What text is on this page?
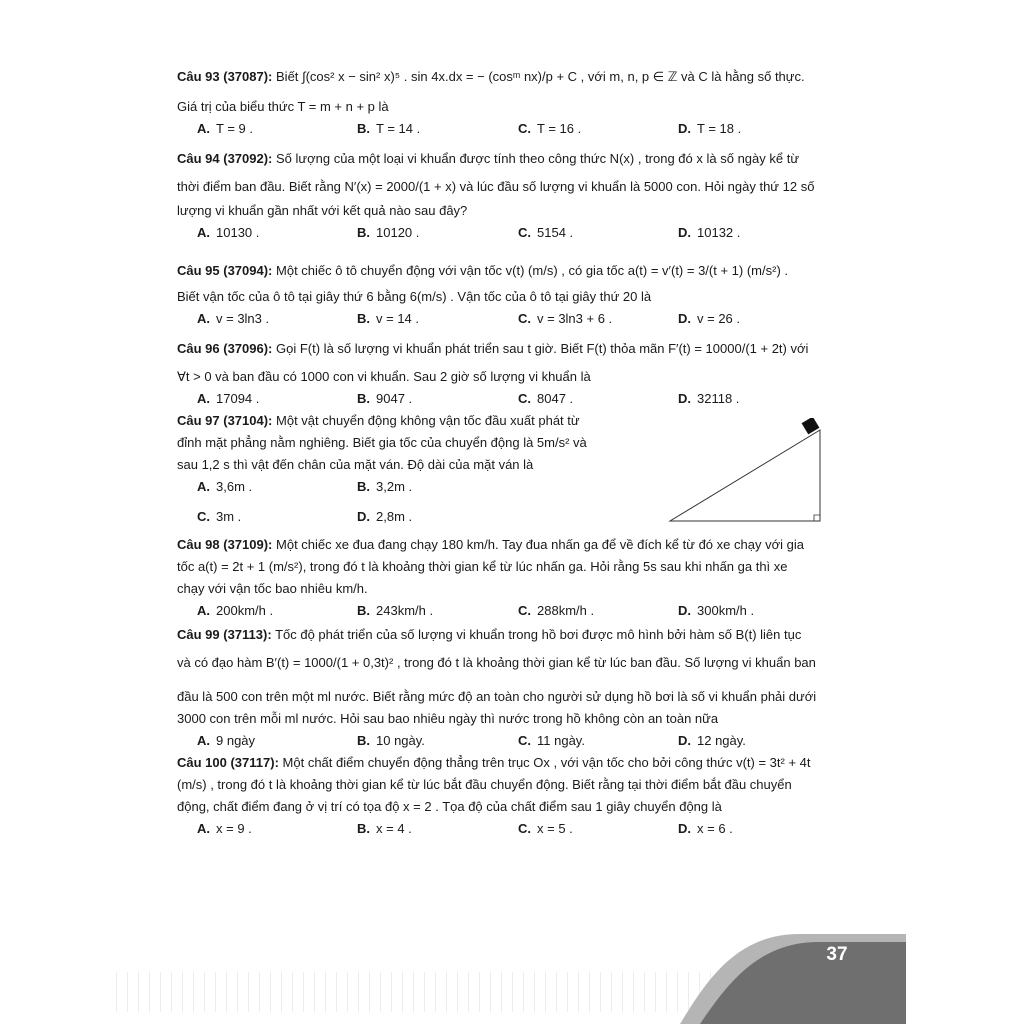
Câu 93 (37087): Biết ∫(cos² x − sin² x)⁵ . sin 4x.dx = − (cosᵐ nx)/p + C , với m, n, p ∈ ℤ và C là hằng số thực.
Giá trị của biểu thức T = m + n + p là
A. T = 9 .	B. T = 14 .	C. T = 16 .	D. T = 18 .
Câu 94 (37092): Số lượng của một loại vi khuẩn được tính theo công thức N(x) , trong đó x là số ngày kể từ
thời điểm ban đầu. Biết rằng N′(x) = 2000/(1 + x) và lúc đầu số lượng vi khuẩn là 5000 con. Hỏi ngày thứ 12 số
lượng vi khuẩn gần nhất với kết quả nào sau đây?
A. 10130 .	B. 10120 .	C. 5154 .	D. 10132 .
Câu 95 (37094): Một chiếc ô tô chuyển động với vận tốc v(t) (m/s) , có gia tốc a(t) = v′(t) = 3/(t + 1) (m/s²) .
Biết vận tốc của ô tô tại giây thứ 6 bằng 6(m/s) . Vận tốc của ô tô tại giây thứ 20 là
A. v = 3ln3 .	B. v = 14 .	C. v = 3ln3 + 6 .	D. v = 26 .
Câu 96 (37096): Gọi F(t) là số lượng vi khuẩn phát triển sau t giờ. Biết F(t) thỏa mãn F′(t) = 10000/(1 + 2t) với
∀t > 0 và ban đầu có 1000 con vi khuẩn. Sau 2 giờ số lượng vi khuẩn là
A. 17094 .	B. 9047 .	C. 8047 .	D. 32118 .
Câu 97 (37104): Một vật chuyển động không vận tốc đầu xuất phát từ
đỉnh mặt phẳng nằm nghiêng. Biết gia tốc của chuyển động là 5m/s² và
sau 1,2 s thì vật đến chân của mặt ván. Độ dài của mặt ván là
A. 3,6m .	B. 3,2m .
C. 3m .	D. 2,8m .
Câu 98 (37109): Một chiếc xe đua đang chạy 180 km/h. Tay đua nhấn ga để về đích kể từ đó xe chạy với gia
tốc a(t) = 2t + 1 (m/s²), trong đó t là khoảng thời gian kể từ lúc nhấn ga. Hỏi rằng 5s sau khi nhấn ga thì xe
chạy với vận tốc bao nhiêu km/h.
A. 200km/h .	B. 243km/h .	C. 288km/h .	D. 300km/h .
Câu 99 (37113): Tốc độ phát triển của số lượng vi khuẩn trong hồ bơi được mô hình bởi hàm số B(t) liên tục
và có đạo hàm B′(t) = 1000/(1 + 0,3t)² , trong đó t là khoảng thời gian kể từ lúc ban đầu. Số lượng vi khuẩn ban
đầu là 500 con trên một ml nước. Biết rằng mức độ an toàn cho người sử dụng hồ bơi là số vi khuẩn phải dưới
3000 con trên mỗi ml nước. Hỏi sau bao nhiêu ngày thì nước trong hồ không còn an toàn nữa
A. 9 ngày	B. 10 ngày.	C. 11 ngày.	D. 12 ngày.
Câu 100 (37117): Một chất điểm chuyển động thẳng trên trục Ox , với vận tốc cho bởi công thức v(t) = 3t² + 4t
(m/s) , trong đó t là khoảng thời gian kể từ lúc bắt đầu chuyển động. Biết rằng tại thời điểm bắt đầu chuyển
động, chất điểm đang ở vị trí có tọa độ x = 2 . Tọa độ của chất điểm sau 1 giây chuyển động là
A. x = 9 .	B. x = 4 .	C. x = 5 .	D. x = 6 .
37
